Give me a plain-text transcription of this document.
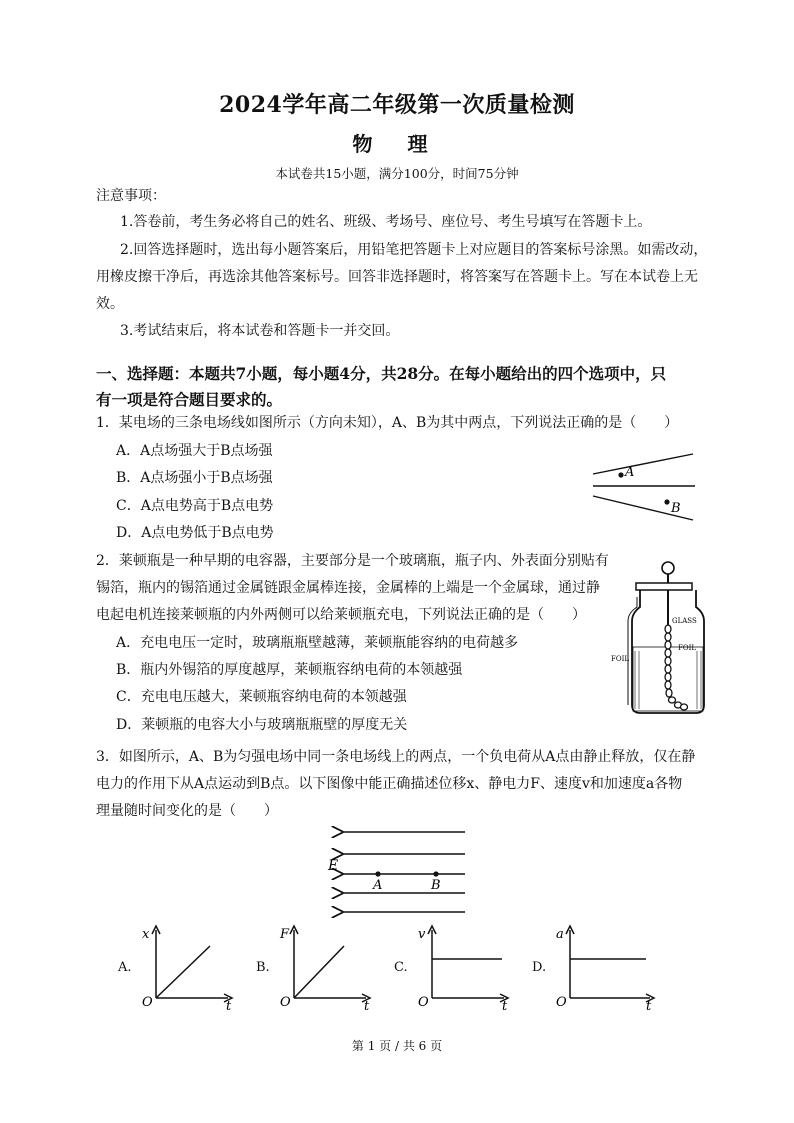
2024学年高二年级第一次质量检测
物 理
本试卷共15小题，满分100分，时间75分钟
注意事项：
1.答卷前，考生务必将自己的姓名、班级、考场号、座位号、考生号填写在答题卡上。
2.回答选择题时，选出每小题答案后，用铅笔把答题卡上对应题目的答案标号涂黑。如需改动，
用橡皮擦干净后，再选涂其他答案标号。回答非选择题时，将答案写在答题卡上。写在本试卷上无
效。
3.考试结束后，将本试卷和答题卡一并交回。
一、选择题：本题共7小题，每小题4分，共28分。在每小题给出的四个选项中，只
有一项是符合题目要求的。
1．某电场的三条电场线如图所示（方向未知），A、B为其中两点，下列说法正确的是（　　）
A．A点场强大于B点场强
B．A点场强小于B点场强
C．A点电势高于B点电势
D．A点电势低于B点电势
A
B
2．莱顿瓶是一种早期的电容器，主要部分是一个玻璃瓶，瓶子内、外表面分别贴有
锡箔，瓶内的锡箔通过金属链跟金属棒连接，金属棒的上端是一个金属球，通过静
电起电机连接莱顿瓶的内外两侧可以给莱顿瓶充电，下列说法正确的是（　　）
A．充电电压一定时，玻璃瓶瓶壁越薄，莱顿瓶能容纳的电荷越多
B．瓶内外锡箔的厚度越厚，莱顿瓶容纳电荷的本领越强
C．充电电压越大，莱顿瓶容纳电荷的本领越强
D．莱顿瓶的电容大小与玻璃瓶瓶壁的厚度无关
GLASS
FOIL
FOIL
3．如图所示，A、B为匀强电场中同一条电场线上的两点，一个负电荷从A点由静止释放，仅在静
电力的作用下从A点运动到B点。以下图像中能正确描述位移x、静电力F、速度v和加速度a各物
理量随时间变化的是（　　）
E
A	B
A.
x
O	t
B.
F
O	t
C.
v
O	t
D.
a
O	t
第 1 页 / 共 6 页
